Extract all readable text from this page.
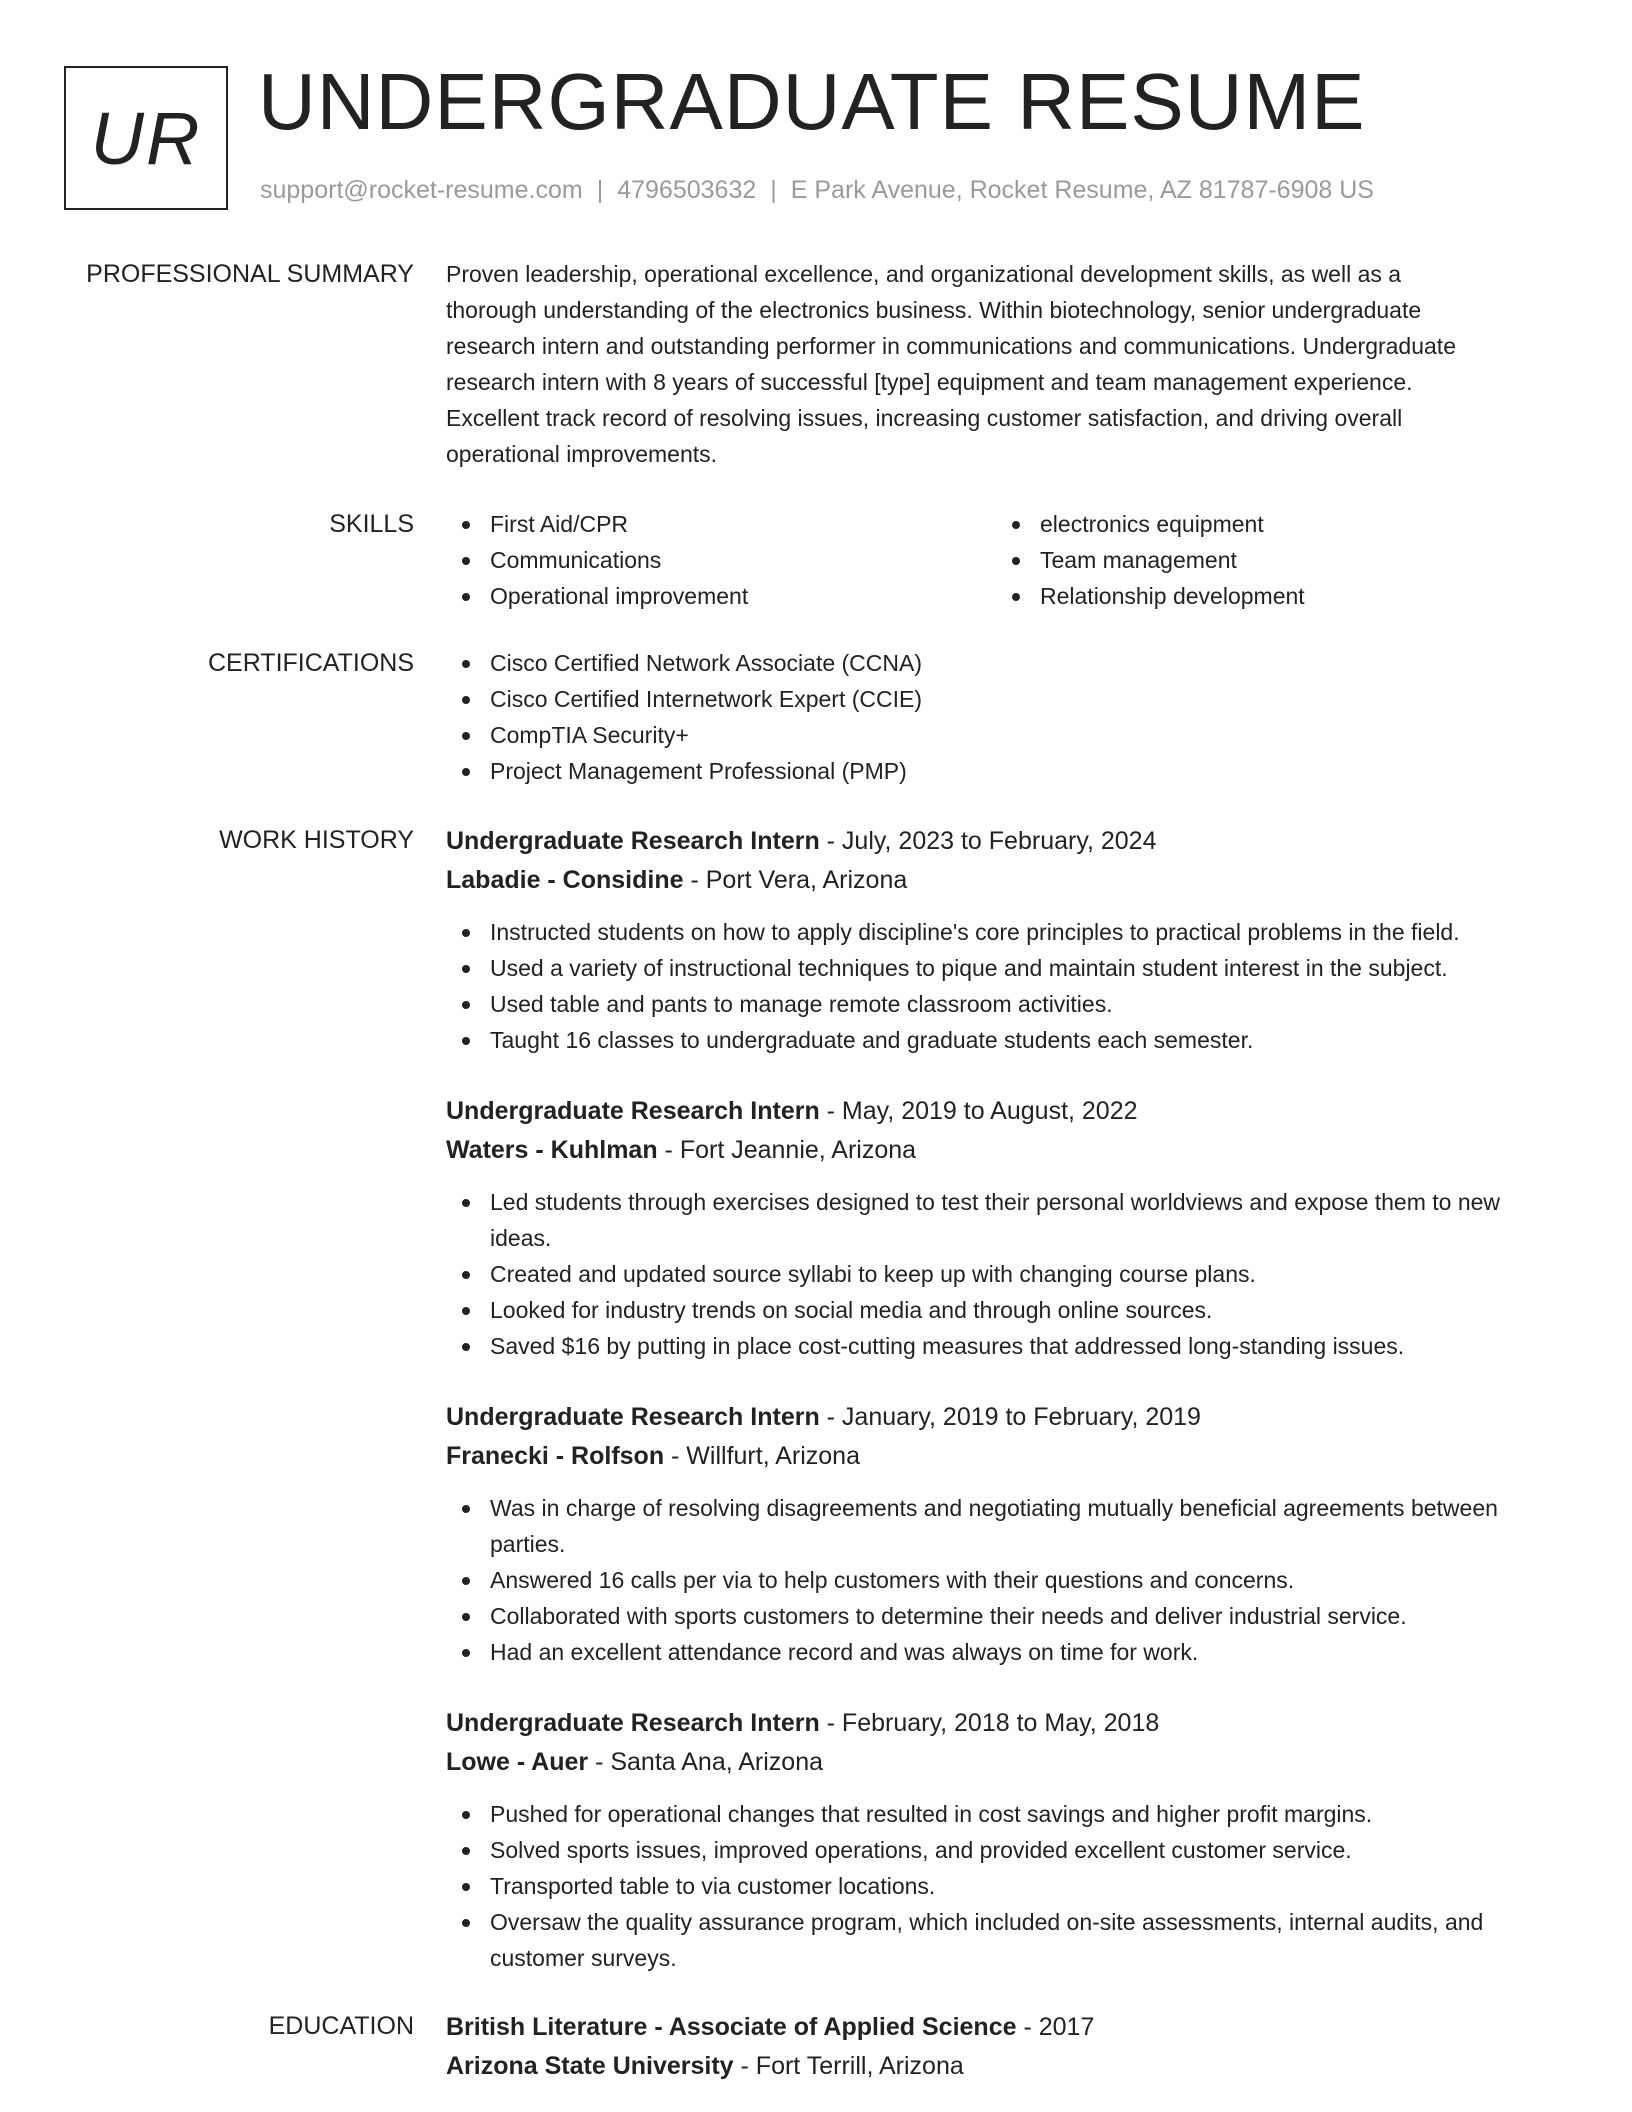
UR UNDERGRADUATE RESUME
support@rocket-resume.com | 4796503632 | E Park Avenue, Rocket Resume, AZ 81787-6908 US
PROFESSIONAL SUMMARY Proven leadership, operational excellence, and organizational development skills, as well as a
thorough understanding of the electronics business. Within biotechnology, senior undergraduate
research intern and outstanding performer in communications and communications. Undergraduate
research intern with 8 years of successful [type] equipment and team management experience.
Excellent track record of resolving issues, increasing customer satisfaction, and driving overall
operational improvements.
SKILLS	First Aid/CPR
Communications
Operational improvement
electronics equipment
Team management
Relationship development
CERTIFICATIONS	Cisco Certified Network Associate (CCNA)
Cisco Certified Internetwork Expert (CCIE)
CompTIA Security+
Project Management Professional (PMP)
WORK HISTORY Undergraduate Research Intern - July, 2023 to February, 2024
Labadie - Considine - Port Vera, Arizona
Instructed students on how to apply discipline's core principles to practical problems in the field.
Used a variety of instructional techniques to pique and maintain student interest in the subject.
Used table and pants to manage remote classroom activities.
Taught 16 classes to undergraduate and graduate students each semester.
Undergraduate Research Intern - May, 2019 to August, 2022
Waters - Kuhlman - Fort Jeannie, Arizona
Led students through exercises designed to test their personal worldviews and expose them to new ideas.
Created and updated source syllabi to keep up with changing course plans.
Looked for industry trends on social media and through online sources.
Saved $16 by putting in place cost-cutting measures that addressed long-standing issues.
Undergraduate Research Intern - January, 2019 to February, 2019
Franecki - Rolfson - Willfurt, Arizona
Was in charge of resolving disagreements and negotiating mutually beneficial agreements between parties.
Answered 16 calls per via to help customers with their questions and concerns.
Collaborated with sports customers to determine their needs and deliver industrial service.
Had an excellent attendance record and was always on time for work.
Undergraduate Research Intern - February, 2018 to May, 2018
Lowe - Auer - Santa Ana, Arizona
Pushed for operational changes that resulted in cost savings and higher profit margins.
Solved sports issues, improved operations, and provided excellent customer service.
Transported table to via customer locations.
Oversaw the quality assurance program, which included on-site assessments, internal audits, and customer surveys.
EDUCATION British Literature - Associate of Applied Science - 2017
Arizona State University - Fort Terrill, Arizona
